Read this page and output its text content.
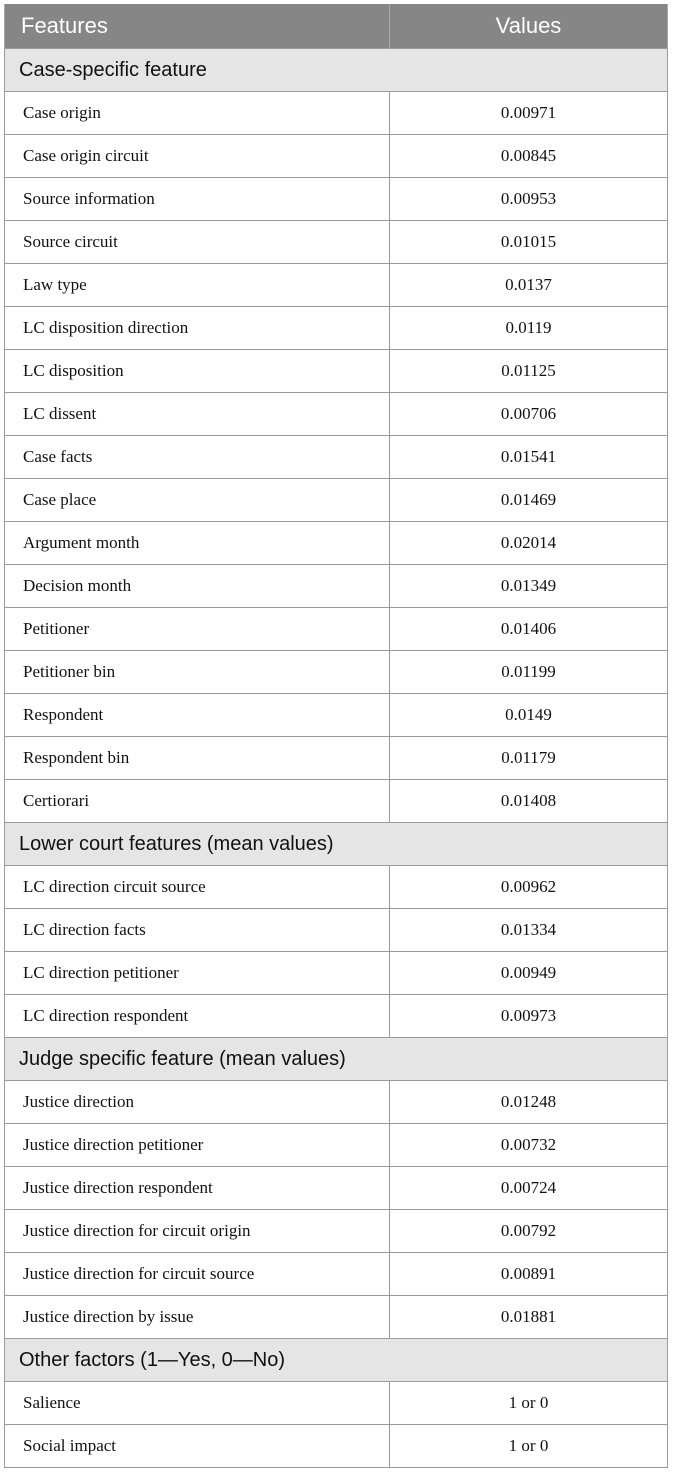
Features	Values
Case-specific feature	
Case origin	0.00971
Case origin circuit	0.00845
Source information	0.00953
Source circuit	0.01015
Law type	0.0137
LC disposition direction	0.0119
LC disposition	0.01125
LC dissent	0.00706
Case facts	0.01541
Case place	0.01469
Argument month	0.02014
Decision month	0.01349
Petitioner	0.01406
Petitioner bin	0.01199
Respondent	0.0149
Respondent bin	0.01179
Certiorari	0.01408
Lower court features (mean values)	
LC direction circuit source	0.00962
LC direction facts	0.01334
LC direction petitioner	0.00949
LC direction respondent	0.00973
Judge specific feature (mean values)	
Justice direction	0.01248
Justice direction petitioner	0.00732
Justice direction respondent	0.00724
Justice direction for circuit origin	0.00792
Justice direction for circuit source	0.00891
Justice direction by issue	0.01881
Other factors (1—Yes, 0—No)	
Salience	1 or 0
Social impact	1 or 0
